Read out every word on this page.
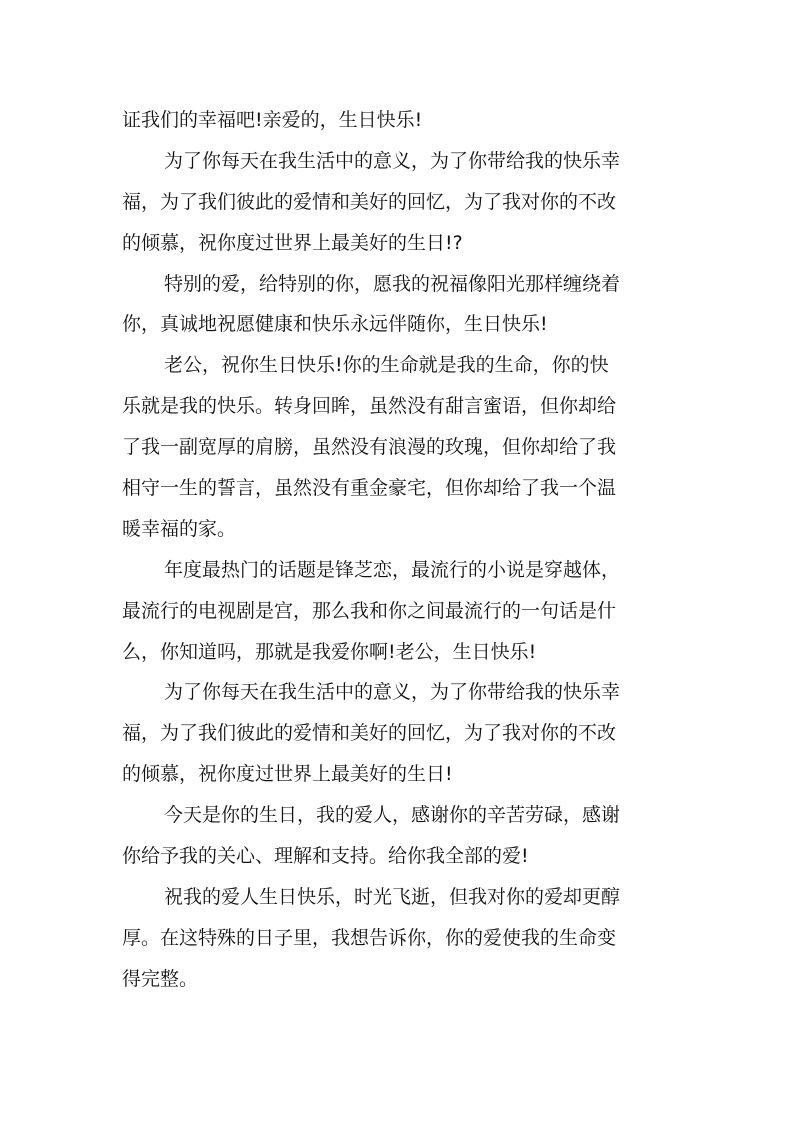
证我们的幸福吧!亲爱的，生日快乐!
为了你每天在我生活中的意义，为了你带给我的快乐幸
福，为了我们彼此的爱情和美好的回忆，为了我对你的不改
的倾慕，祝你度过世界上最美好的生日!?
特别的爱，给特别的你，愿我的祝福像阳光那样缠绕着
你，真诚地祝愿健康和快乐永远伴随你，生日快乐!
老公，祝你生日快乐!你的生命就是我的生命，你的快
乐就是我的快乐。转身回眸，虽然没有甜言蜜语，但你却给
了我一副宽厚的肩膀，虽然没有浪漫的玫瑰，但你却给了我
相守一生的誓言，虽然没有重金豪宅，但你却给了我一个温
暖幸福的家。
年度最热门的话题是锋芝恋，最流行的小说是穿越体，
最流行的电视剧是宫，那么我和你之间最流行的一句话是什
么，你知道吗，那就是我爱你啊!老公，生日快乐!
为了你每天在我生活中的意义，为了你带给我的快乐幸
福，为了我们彼此的爱情和美好的回忆，为了我对你的不改
的倾慕，祝你度过世界上最美好的生日!
今天是你的生日，我的爱人，感谢你的辛苦劳碌，感谢
你给予我的关心、理解和支持。给你我全部的爱!
祝我的爱人生日快乐，时光飞逝，但我对你的爱却更醇
厚。在这特殊的日子里，我想告诉你，你的爱使我的生命变
得完整。
